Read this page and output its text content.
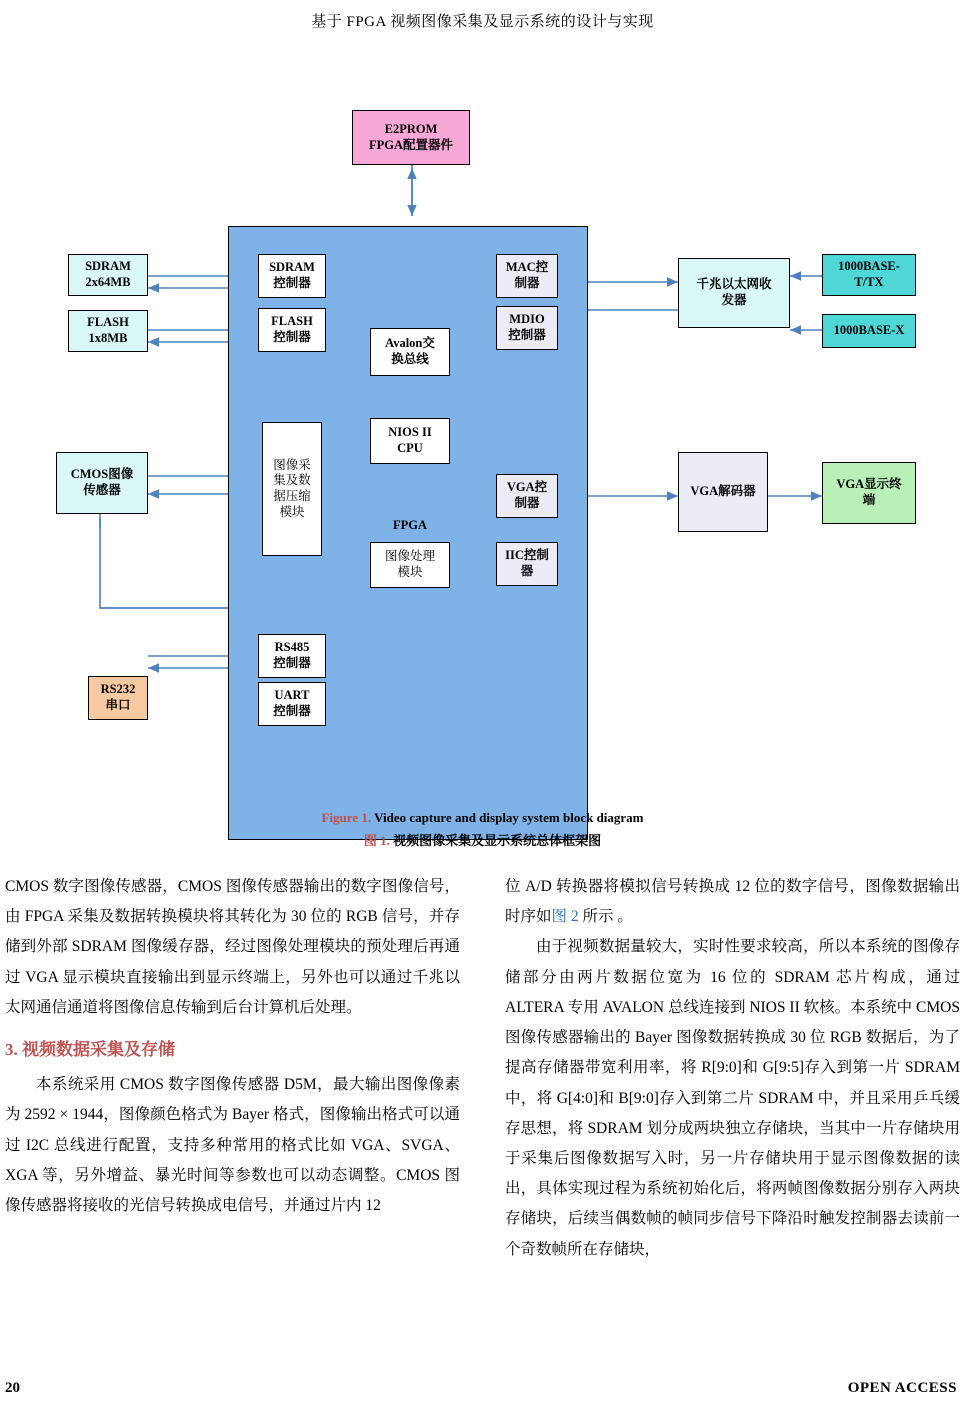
基于 FPGA 视频图像采集及显示系统的设计与实现
E2PROM
FPGA配置器件
SDRAM
2x64MB
FLASH
1x8MB
CMOS图像
传感器
RS232
串口
SDRAM
控制器
FLASH
控制器
图像采
集及数
据压缩
模块
RS485
控制器
UART
控制器
Avalon交
换总线
NIOS II
CPU
FPGA
图像处理
模块
MAC控
制器
MDIO
控制器
VGA控
制器
IIC控制
器
千兆以太网收
发器
1000BASE-
T/TX
1000BASE-X
VGA解码器	VGA显示终
端
Figure 1. Video capture and display system block diagram
图 1. 视频图像采集及显示系统总体框架图

CMOS 数字图像传感器，CMOS 图像传感器输出的数字图像信号，由 FPGA 采集及数据转换模块将其转化为 30 位的 RGB 信号，并存储到外部 SDRAM 图像缓存器，经过图像处理模块的预处理后再通过 VGA 显示模块直接输出到显示终端上，另外也可以通过千兆以太网通信通道将图像信息传输到后台计算机后处理。

3. 视频数据采集及存储

本系统采用 CMOS 数字图像传感器 D5M，最大输出图像像素为 2592 × 1944，图像颜色格式为 Bayer 格式，图像输出格式可以通过 I2C 总线进行配置，支持多种常用的格式比如 VGA、SVGA、XGA 等，另外增益、暴光时间等参数也可以动态调整。CMOS 图像传感器将接收的光信号转换成电信号，并通过片内 12

位 A/D 转换器将模拟信号转换成 12 位的数字信号，图像数据输出时序如图 2 所示 。

由于视频数据量较大，实时性要求较高，所以本系统的图像存储部分由两片数据位宽为 16 位的 SDRAM 芯片构成，通过 ALTERA 专用 AVALON 总线连接到 NIOS II 软核。本系统中 CMOS 图像传感器输出的 Bayer 图像数据转换成 30 位 RGB 数据后，为了提高存储器带宽利用率，将 R[9:0]和 G[9:5]存入到第一片 SDRAM 中，将 G[4:0]和 B[9:0]存入到第二片 SDRAM 中，并且采用乒乓缓存思想，将 SDRAM 划分成两块独立存储块，当其中一片存储块用于采集后图像数据写入时，另一片存储块用于显示图像数据的读出，具体实现过程为系统初始化后，将两帧图像数据分别存入两块存储块，后续当偶数帧的帧同步信号下降沿时触发控制器去读前一个奇数帧所在存储块，

20	OPEN ACCESS
